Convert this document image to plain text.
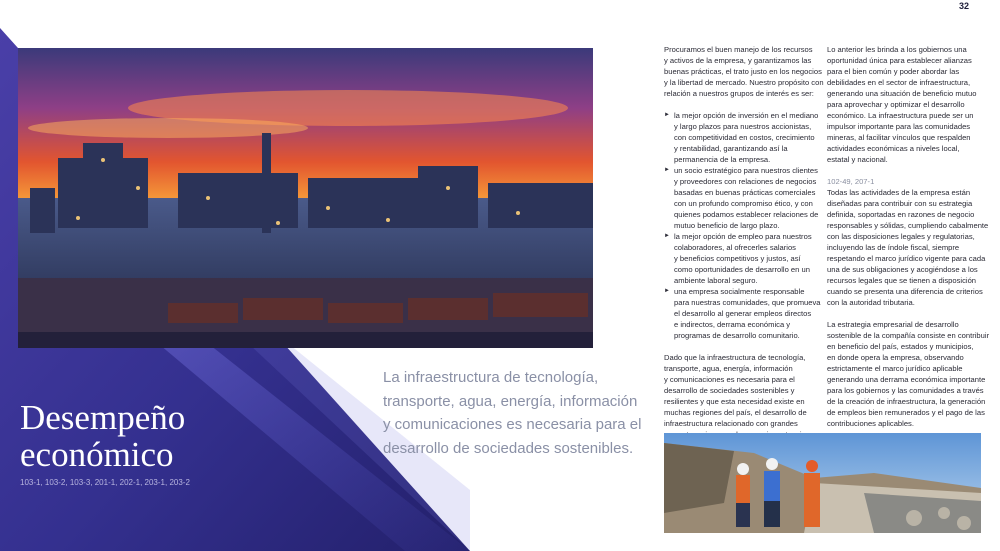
32
Desempeño
económico
103-1, 103-2, 103-3, 201-1, 202-1, 203-1, 203-2
La infraestructura de tecnología,
transporte, agua, energía, información
y comunicaciones es necesaria para el
desarrollo de sociedades sostenibles.

Procuramos el buen manejo de los recursos
y activos de la empresa, y garantizamos las
buenas prácticas, el trato justo en los negocios
y la libertad de mercado. Nuestro propósito con
relación a nuestros grupos de interés es ser:

► la mejor opción de inversión en el mediano
y largo plazos para nuestros accionistas,
con competitividad en costos, crecimiento
y rentabilidad, garantizando así la
permanencia de la empresa.
► un socio estratégico para nuestros clientes
y proveedores con relaciones de negocios
basadas en buenas prácticas comerciales
con un profundo compromiso ético, y con
quienes podamos establecer relaciones de
mutuo beneficio de largo plazo.
► la mejor opción de empleo para nuestros
colaboradores, al ofrecerles salarios
y beneficios competitivos y justos, así
como oportunidades de desarrollo en un
ambiente laboral seguro.
► una empresa socialmente responsable
para nuestras comunidades, que promueva
el desarrollo al generar empleos directos
e indirectos, derrama económica y
programas de desarrollo comunitario.

Dado que la infraestructura de tecnología,
transporte, agua, energía, información
y comunicaciones es necesaria para el
desarrollo de sociedades sostenibles y
resilientes y que esta necesidad existe en
muchas regiones del país, el desarrollo de
infraestructura relacionado con grandes

Lo anterior les brinda a los gobiernos una
oportunidad única para establecer alianzas
para el bien común y poder abordar las
debilidades en el sector de infraestructura,
generando una situación de beneficio mutuo
para aprovechar y optimizar el desarrollo
económico. La infraestructura puede ser un
impulsor importante para las comunidades
mineras, al facilitar vínculos que respalden
actividades económicas a niveles local,
estatal y nacional.

102-49, 207-1
Todas las actividades de la empresa están
diseñadas para contribuir con su estrategia
definida, soportadas en razones de negocio
responsables y sólidas, cumpliendo cabalmente
con las disposiciones legales y regulatorias,
incluyendo las de índole fiscal, siempre
respetando el marco jurídico vigente para cada
una de sus obligaciones y acogiéndose a los
recursos legales que se tienen a disposición
cuando se presenta una diferencia de criterios
con la autoridad tributaria.

La estrategia empresarial de desarrollo
sostenible de la compañía consiste en contribuir
en beneficio del país, estados y municipios,
en donde opera la empresa, observando
estrictamente el marco jurídico aplicable
generando una derrama económica importante
para los gobiernos y las comunidades a través
de la creación de infraestructura, la generación
de empleos bien remunerados y el pago de las
contribuciones aplicables.
